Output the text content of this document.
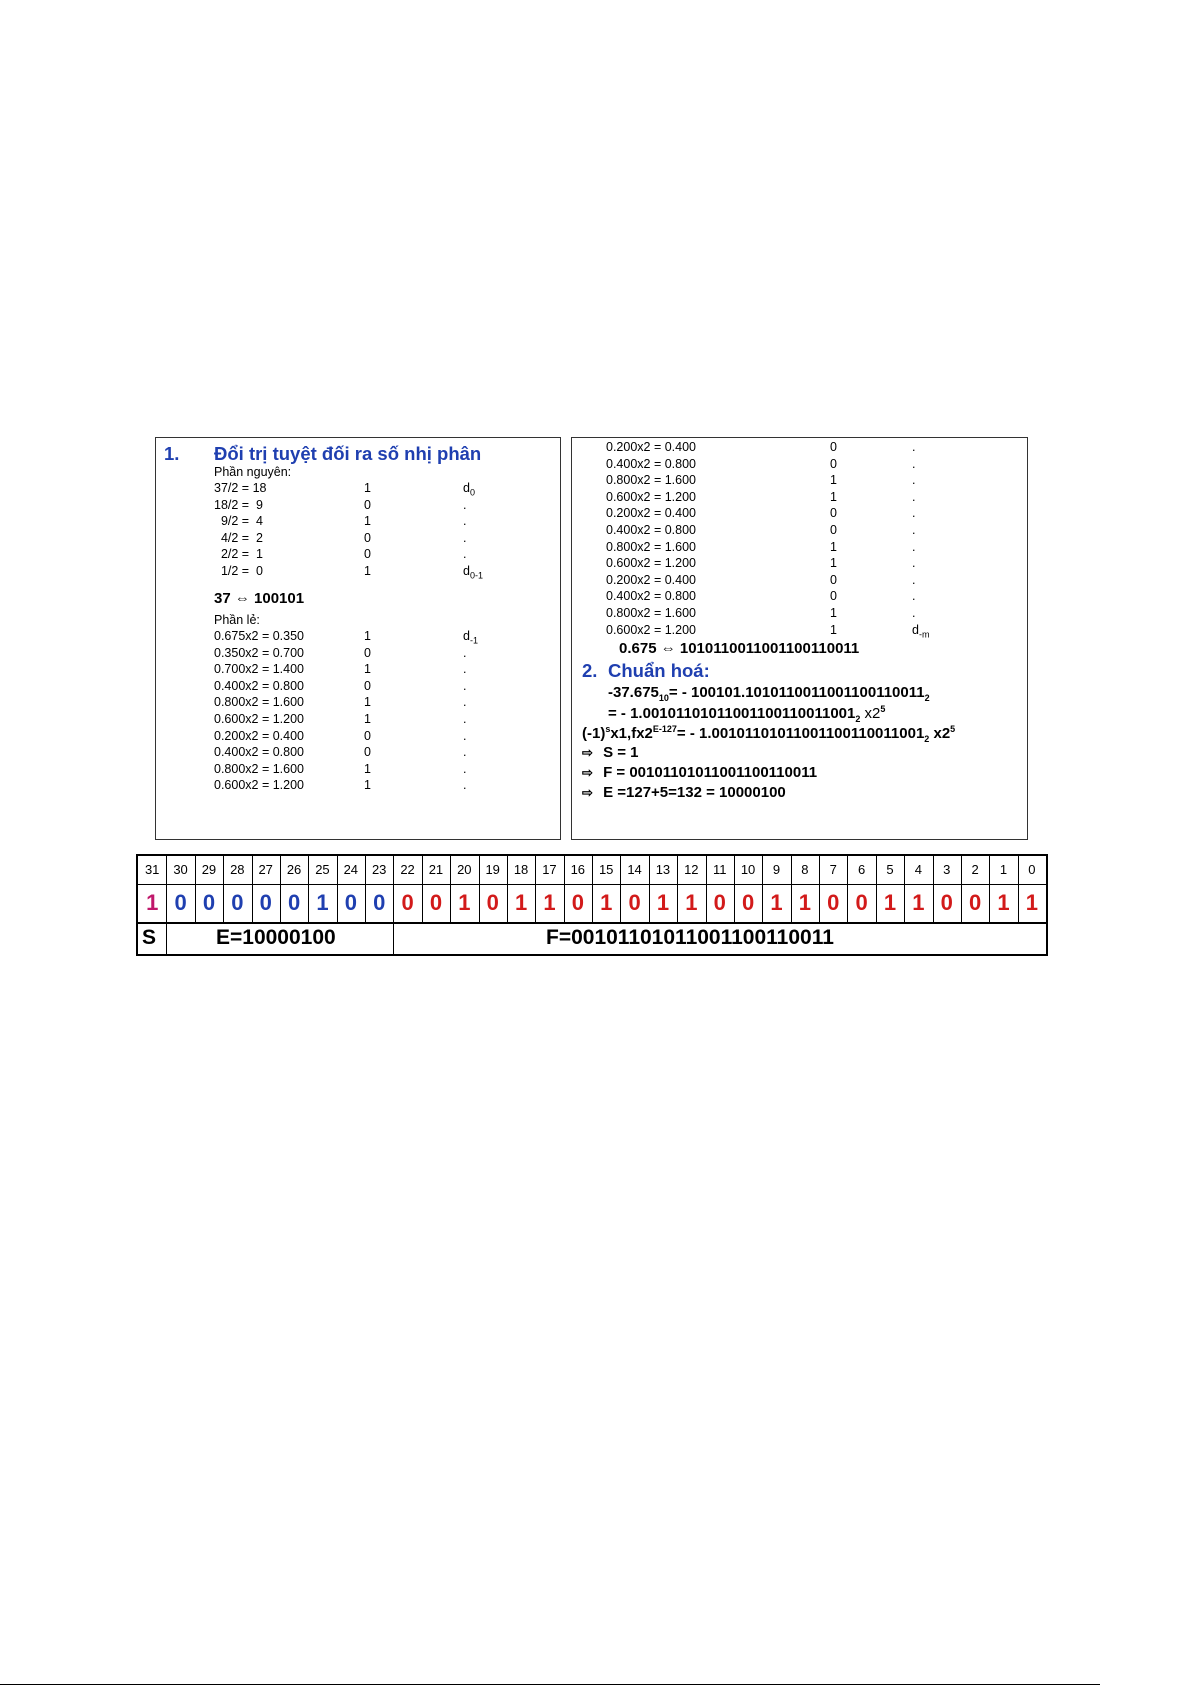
1. Đổi trị tuyệt đối ra số nhị phân
Phần nguyên:
37/2 = 18	1	$d_0$
18/2 =  9	0	.
9/2 =  4	1	.
4/2 =  2	0	.
2/2 =  1	0	.
1/2 =  0	1	$d_{0-1}$
37 ⇔ 100101
Phần lẻ:
0.675x2 = 0.350	1	$d_{-1}$
0.350x2 = 0.700	0	.
0.700x2 = 1.400	1	.
0.400x2 = 0.800	0	.
0.800x2 = 1.600	1	.
0.600x2 = 1.200	1	.
0.200x2 = 0.400	0	.
0.400x2 = 0.800	0	.
0.800x2 = 1.600	1	.
0.600x2 = 1.200	1	.
0.200x2 = 0.400	0	.
0.400x2 = 0.800	0	.
0.800x2 = 1.600	1	.
0.600x2 = 1.200	1	.
0.200x2 = 0.400	0	.
0.400x2 = 0.800	0	.
0.800x2 = 1.600	1	.
0.600x2 = 1.200	1	.
0.200x2 = 0.400	0	.
0.400x2 = 0.800	0	.
0.800x2 = 1.600	1	.
0.600x2 = 1.200	1	$d_{-m}$
0.675 ⇔ 1010110011001100110011
2. Chuẩn hoá:
$-37.675_{10}= - 100101.1010110011001100110011_2$
= - $1.00101101011001100110011001_2$ $x2^5$
$(-1)^sx1,fx2^{E-127}= - 1.00101101011001100110011001_2$ $x2^5$
⇨ S = 1
⇨ F = 00101101011001100110011
⇨ E =127+5=132 = 10000100
31	30	29	28	27	26	25	24	23	22	21	20	19	18	17	16	15	14	13	12	11	10	9	8	7	6	5	4	3	2	1	0
1 0 0 0 0 0 1 0 0 0 0 1 0 1 1 0 1 0 1 1 0 0 1 1 0 0 1 1 0 0 1 1
S	E=10000100	F=00101101011001100110011
